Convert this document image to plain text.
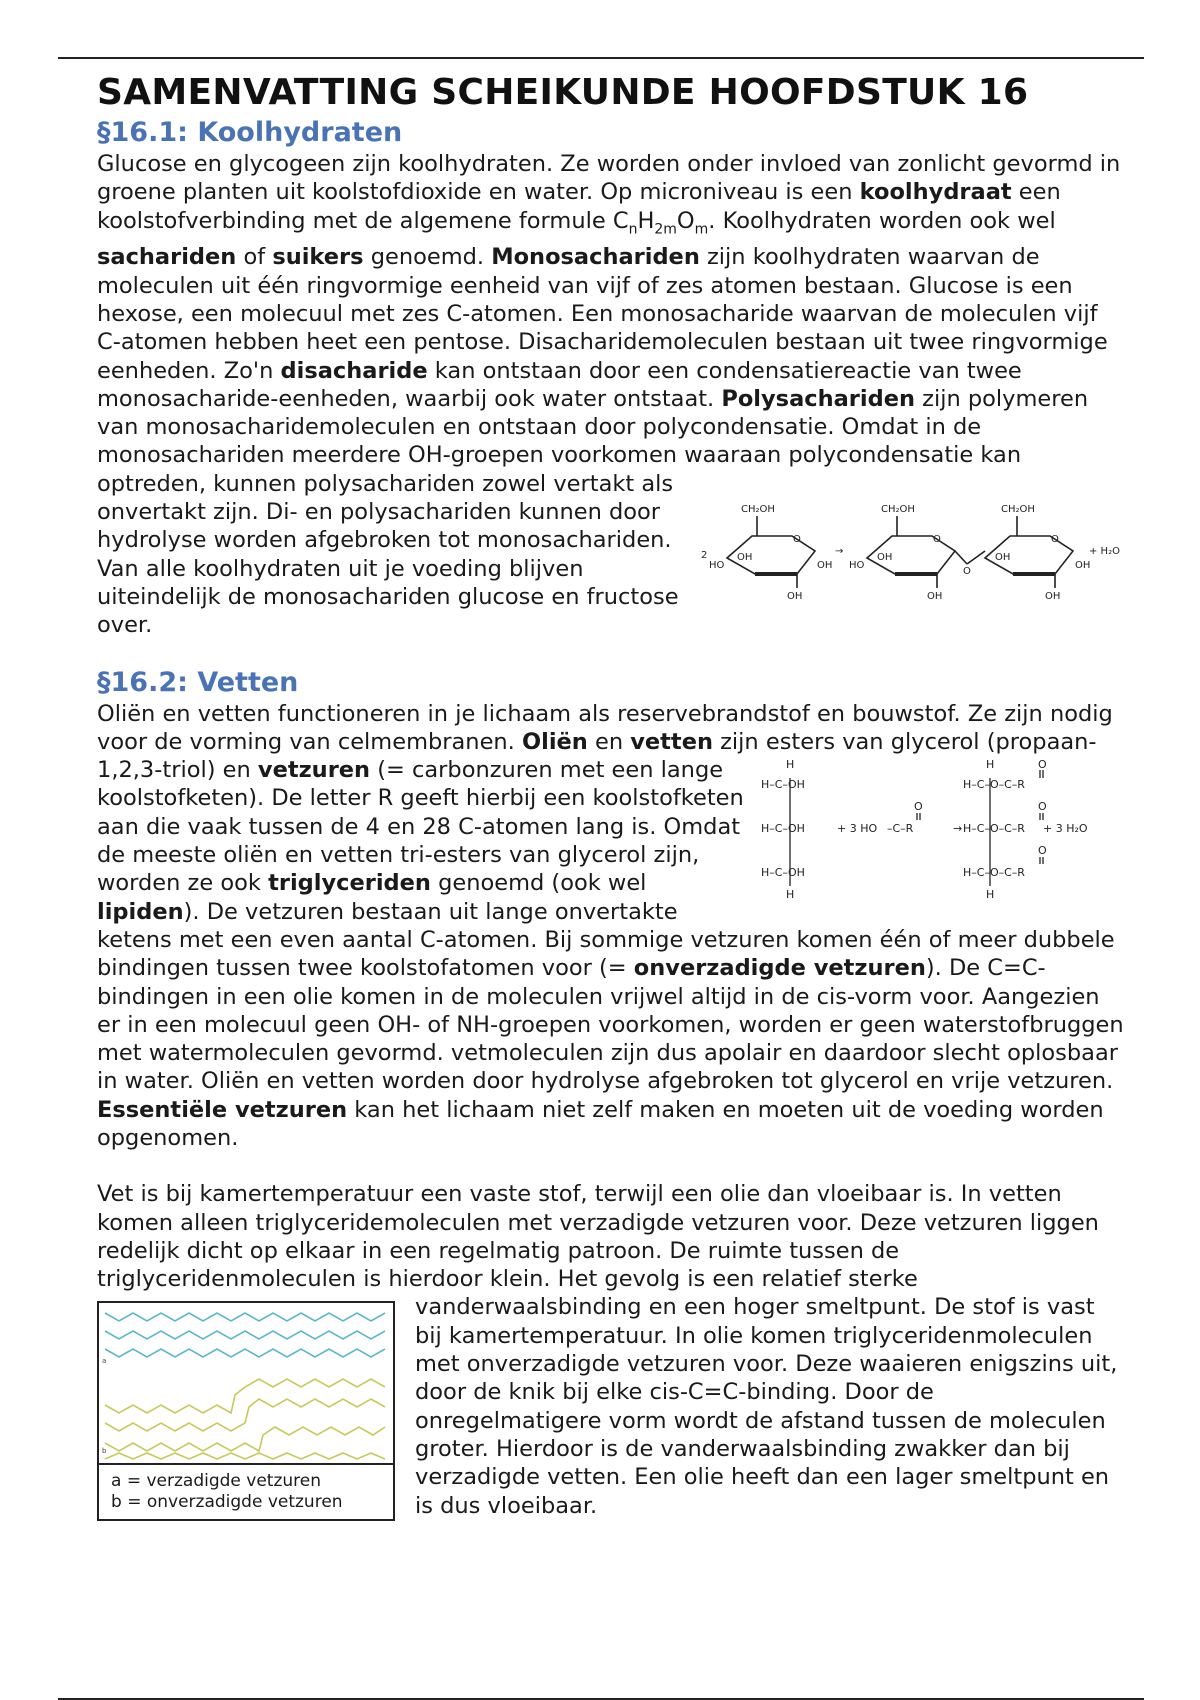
SAMENVATTING SCHEIKUNDE HOOFDSTUK 16
§16.1: Koolhydraten

Glucose en glycogeen zijn koolhydraten. Ze worden onder invloed van zonlicht gevormd in groene planten uit koolstofdioxide en water. Op microniveau is een koolhydraat een koolstofverbinding met de algemene formule $C_nH_{2m}O_m$. Koolhydraten worden ook wel sachariden of suikers genoemd. Monosachariden zijn koolhydraten waarvan de moleculen uit één ringvormige eenheid van vijf of zes atomen bestaan. Glucose is een hexose, een molecuul met zes C-atomen. Een monosacharide waarvan de moleculen vijf C-atomen hebben heet een pentose. Disacharidemoleculen bestaan uit twee ringvormige eenheden. Zo'n disacharide kan ontstaan door een condensatiereactie van twee monosacharide-eenheden, waarbij ook water ontstaat. Polysachariden zijn polymeren van monosacharidemoleculen en ontstaan door polycondensatie. Omdat in de monosachariden meerdere OH-groepen voorkomen waaraan polycondensatie kan
2
CH₂OH
O
OH
HO	OH
OH
→
CH₂OH
O
OH
HO
OH
O
CH₂OH
O
OH
OH
OH
+ H₂O
optreden, kunnen polysachariden zowel vertakt als onvertakt zijn. Di- en polysachariden kunnen door hydrolyse worden afgebroken tot monosachariden. Van alle koolhydraten uit je voeding blijven uiteindelijk de monosachariden glucose en fructose over.

§16.2: Vetten

Oliën en vetten functioneren in je lichaam als reservebrandstof en bouwstof. Ze zijn nodig voor de vorming van celmembranen. Oliën en vetten zijn esters van glycerol
H
H–C–OH
H–C–OH
H–C–OH
H
O
+ 3 HO –C–R	→
H	O
H–C–O–C–R
O
H–C–O–C–R + 3 H₂O
O
H–C–O–C–R
H
(propaan-1,2,3-triol) en vetzuren (= carbonzuren met een lange koolstofketen). De letter R geeft hierbij een koolstofketen aan die vaak tussen de 4 en 28 C-atomen lang is. Omdat de meeste oliën en vetten tri-esters van glycerol zijn, worden ze ook triglyceriden genoemd (ook wel lipiden). De vetzuren bestaan uit lange onvertakte ketens met een even aantal C-atomen. Bij sommige vetzuren komen één of meer dubbele bindingen tussen twee koolstofatomen voor (= onverzadigde vetzuren). De C=C-bindingen in een olie komen in de moleculen vrijwel altijd in de cis-vorm voor. Aangezien er in een molecuul geen OH- of NH-groepen voorkomen, worden er geen waterstofbruggen met watermoleculen gevormd. vetmoleculen zijn dus apolair en daardoor slecht oplosbaar in water. Oliën en vetten worden door hydrolyse afgebroken tot glycerol en vrije vetzuren. Essentiële vetzuren kan het lichaam niet zelf maken en moeten uit de voeding worden opgenomen.

Vet is bij kamertemperatuur een vaste stof, terwijl een olie dan vloeibaar is. In vetten komen alleen triglyceridemoleculen met verzadigde vetzuren voor. Deze vetzuren liggen redelijk dicht op elkaar in een regelmatig patroon. De ruimte tussen de triglyceridenmoleculen is hierdoor klein. Het gevolg is een relatief sterke
a
b
a = verzadigde vetzuren
b = onverzadigde vetzuren
vanderwaalsbinding en een hoger smeltpunt. De stof is vast bij kamertemperatuur. In olie komen triglyceridenmoleculen met onverzadigde vetzuren voor. Deze waaieren enigszins uit, door de knik bij elke cis-C=C-binding. Door de onregelmatigere vorm wordt de afstand tussen de moleculen groter. Hierdoor is de vanderwaalsbinding zwakker dan bij verzadigde vetten. Een olie heeft dan een lager smeltpunt en is dus vloeibaar.
